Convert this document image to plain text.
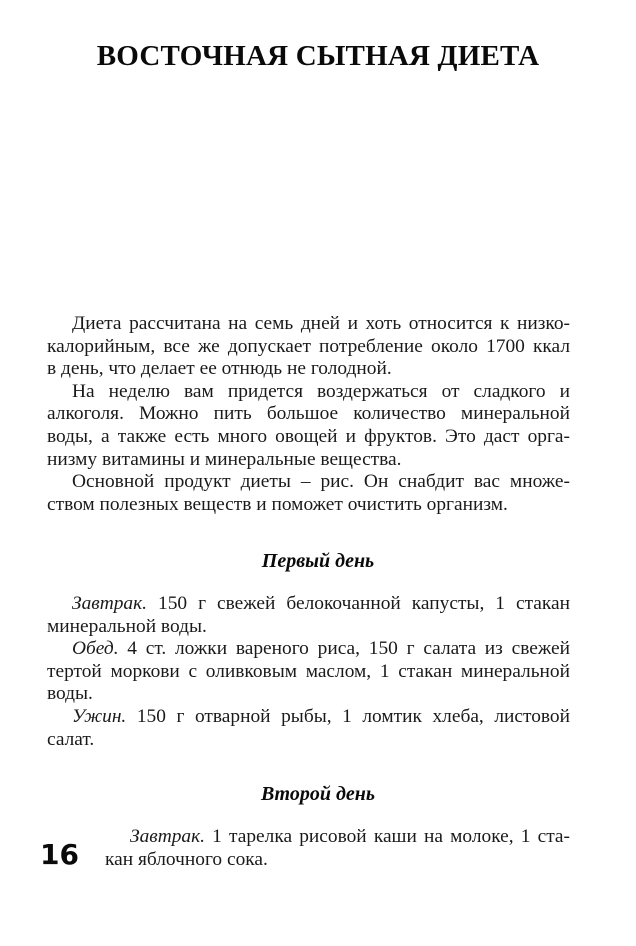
ВОСТОЧНАЯ СЫТНАЯ ДИЕТА
Диета рассчитана на семь дней и хоть относится к низко-
калорийным, все же допускает потребление около 1700 ккал
в день, что делает ее отнюдь не голодной.
На неделю вам придется воздержаться от сладкого и
алкоголя. Можно пить большое количество минеральной
воды, а также есть много овощей и фруктов. Это даст орга-
низму витамины и минеральные вещества.
Основной продукт диеты – рис. Он снабдит вас множе-
ством полезных веществ и поможет очистить организм.
Первый день
Завтрак. 150 г свежей белокочанной капусты, 1 стакан
минеральной воды.
Обед. 4 ст. ложки вареного риса, 150 г салата из свежей
тертой моркови с оливковым маслом, 1 стакан минеральной
воды.
Ужин. 150 г отварной рыбы, 1 ломтик хлеба, листовой
салат.
Второй день
16
Завтрак. 1 тарелка рисовой каши на молоке, 1 ста-
кан яблочного сока.
